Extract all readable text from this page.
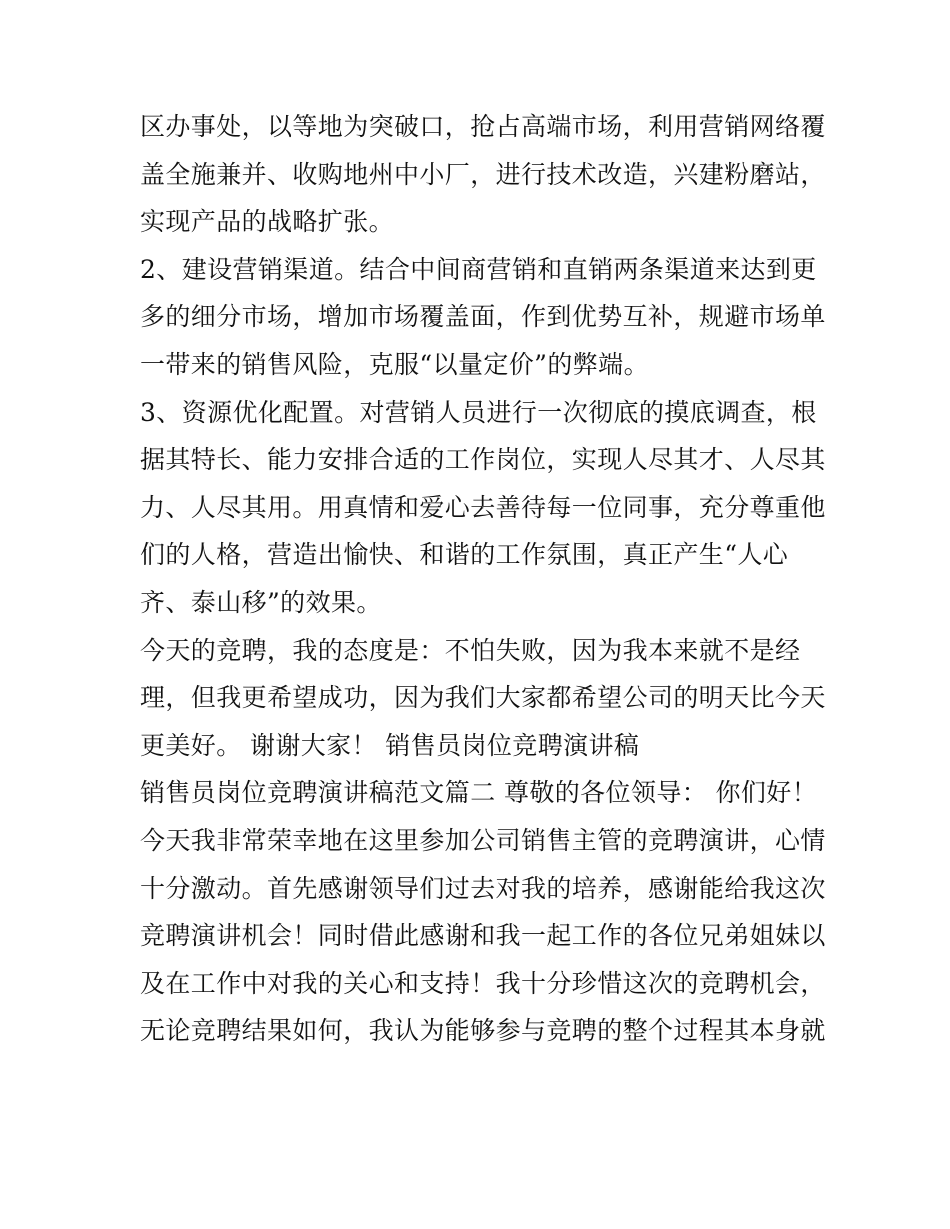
区办事处，以等地为突破口，抢占高端市场，利用营销网络覆
盖全施兼并、收购地州中小厂，进行技术改造，兴建粉磨站，
实现产品的战略扩张。
2、建设营销渠道。结合中间商营销和直销两条渠道来达到更
多的细分市场，增加市场覆盖面，作到优势互补，规避市场单
一带来的销售风险，克服“以量定价”的弊端。
3、资源优化配置。对营销人员进行一次彻底的摸底调查，根
据其特长、能力安排合适的工作岗位，实现人尽其才、人尽其
力、人尽其用。用真情和爱心去善待每一位同事，充分尊重他
们的人格，营造出愉快、和谐的工作氛围，真正产生“人心
齐、泰山移”的效果。
今天的竞聘，我的态度是：不怕失败，因为我本来就不是经
理，但我更希望成功，因为我们大家都希望公司的明天比今天
更美好。 谢谢大家！ 销售员岗位竞聘演讲稿
销售员岗位竞聘演讲稿范文篇二 尊敬的各位领导： 你们好！
今天我非常荣幸地在这里参加公司销售主管的竞聘演讲，心情
十分激动。首先感谢领导们过去对我的培养，感谢能给我这次
竞聘演讲机会！同时借此感谢和我一起工作的各位兄弟姐妹以
及在工作中对我的关心和支持！我十分珍惜这次的竞聘机会，
无论竞聘结果如何，我认为能够参与竞聘的整个过程其本身就
